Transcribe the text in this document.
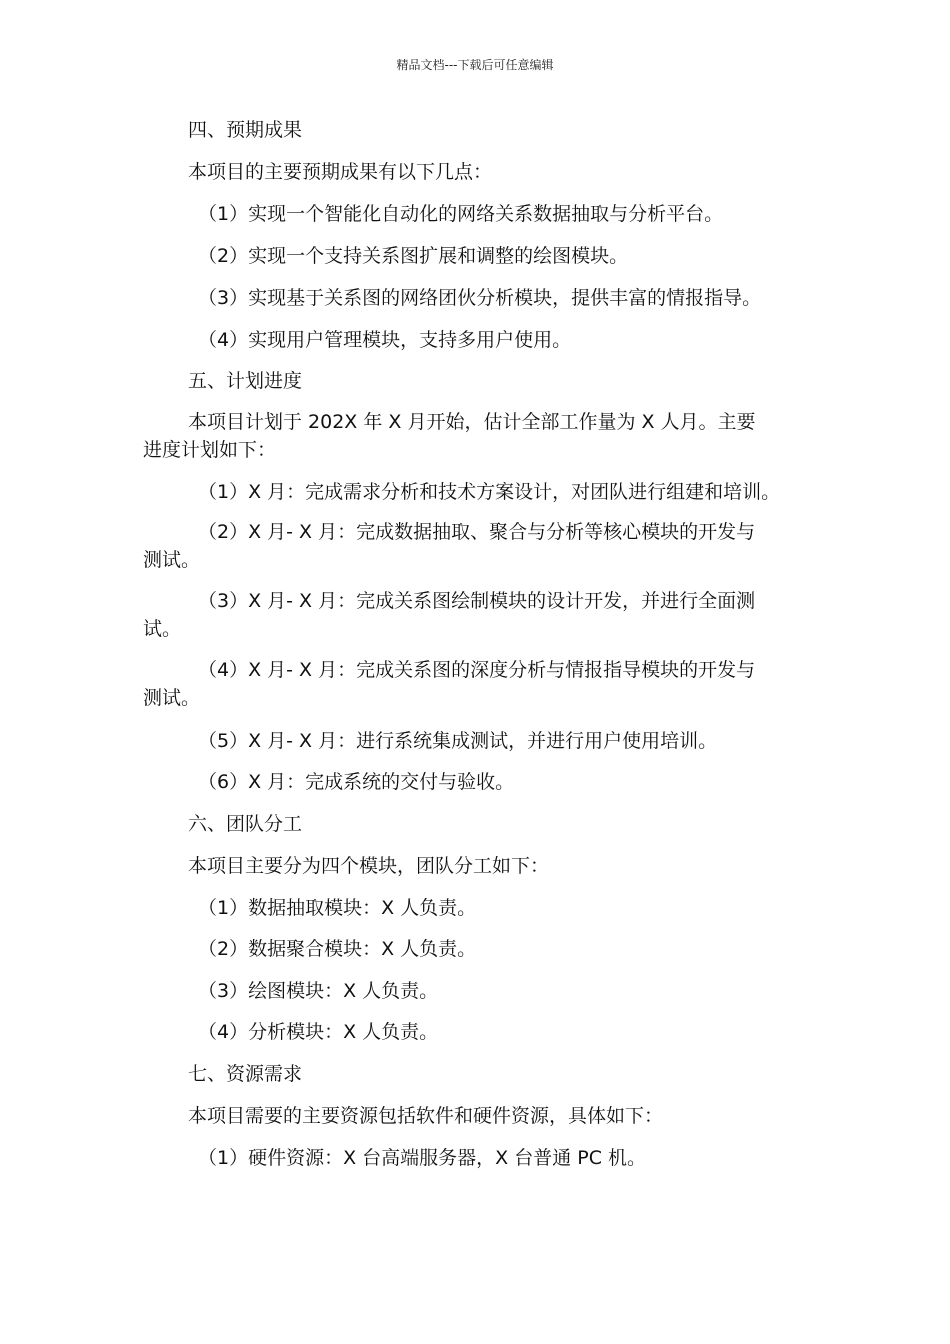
精品文档---下载后可任意编辑
四、预期成果
本项目的主要预期成果有以下几点：
（1）实现一个智能化自动化的网络关系数据抽取与分析平台。
（2）实现一个支持关系图扩展和调整的绘图模块。
（3）实现基于关系图的网络团伙分析模块，提供丰富的情报指导。
（4）实现用户管理模块，支持多用户使用。
五、计划进度
本项目计划于 202X 年 X 月开始，估计全部工作量为 X 人月。主要
进度计划如下：
（1）X 月：完成需求分析和技术方案设计，对团队进行组建和培训。
（2）X 月- X 月：完成数据抽取、聚合与分析等核心模块的开发与
测试。
（3）X 月- X 月：完成关系图绘制模块的设计开发，并进行全面测
试。
（4）X 月- X 月：完成关系图的深度分析与情报指导模块的开发与
测试。
（5）X 月- X 月：进行系统集成测试，并进行用户使用培训。
（6）X 月：完成系统的交付与验收。
六、团队分工
本项目主要分为四个模块，团队分工如下：
（1）数据抽取模块：X 人负责。
（2）数据聚合模块：X 人负责。
（3）绘图模块：X 人负责。
（4）分析模块：X 人负责。
七、资源需求
本项目需要的主要资源包括软件和硬件资源，具体如下：
（1）硬件资源：X 台高端服务器，X 台普通 PC 机。
